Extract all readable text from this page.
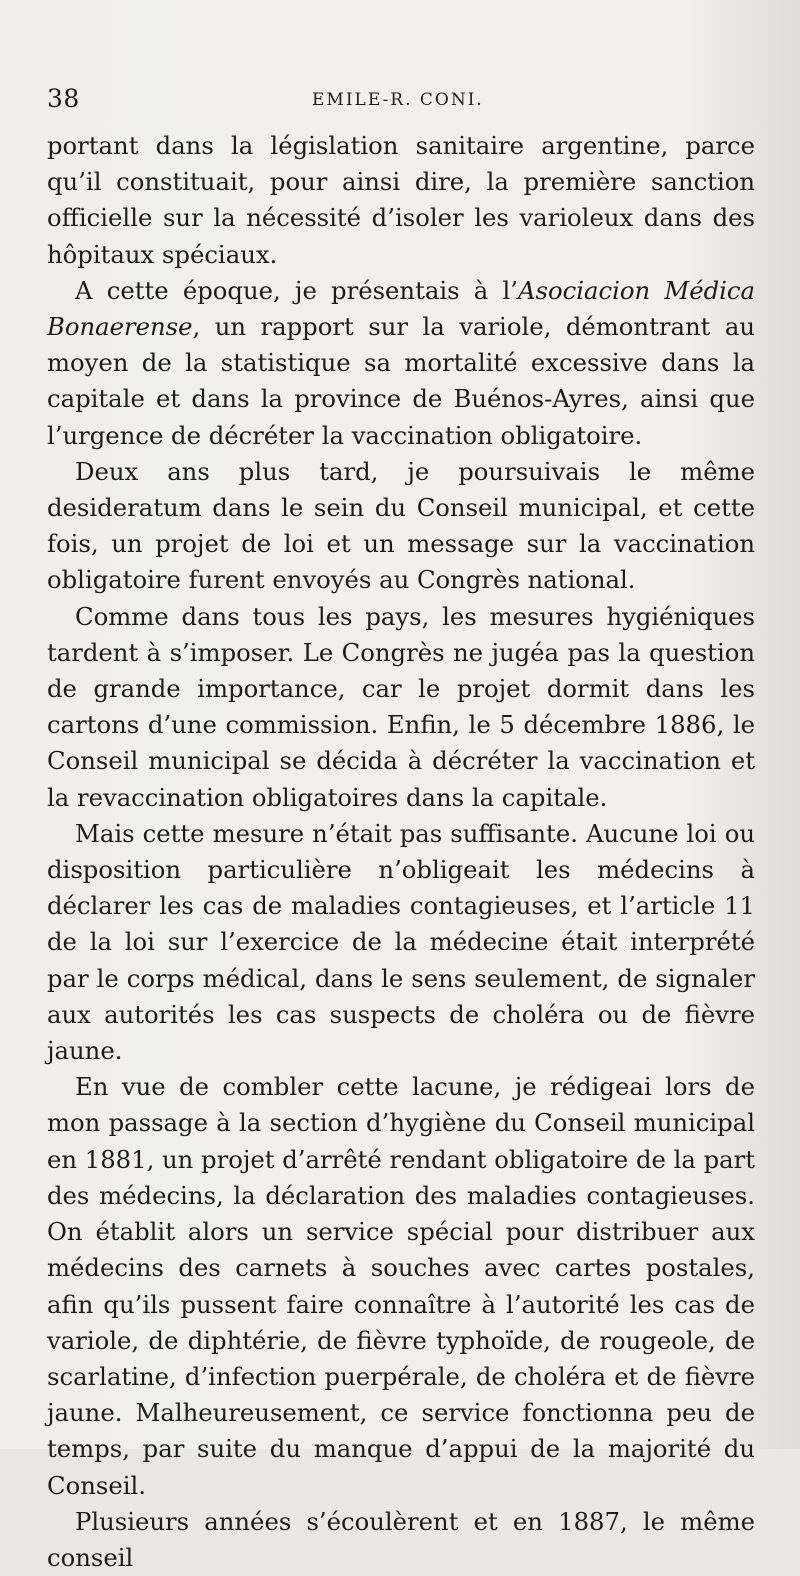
38	EMILE-R. CONI.

portant dans la législation sanitaire argentine, parce qu’il constituait, pour ainsi dire, la première sanction officielle sur la nécessité d’isoler les varioleux dans des hôpitaux spéciaux.

A cette époque, je présentais à l’Asociacion Médica Bonaerense, un rapport sur la variole, démontrant au moyen de la statistique sa mortalité excessive dans la capitale et dans la province de Buénos-Ayres, ainsi que l’urgence de décréter la vaccination obligatoire.

Deux ans plus tard, je poursuivais le même desideratum dans le sein du Conseil municipal, et cette fois, un projet de loi et un message sur la vaccination obligatoire furent envoyés au Congrès national.

Comme dans tous les pays, les mesures hygiéniques tardent à s’imposer. Le Congrès ne jugéa pas la question de grande importance, car le projet dormit dans les cartons d’une commission. Enfin, le 5 décembre 1886, le Conseil municipal se décida à décréter la vaccination et la revaccination obligatoires dans la capitale.

Mais cette mesure n’était pas suffisante. Aucune loi ou disposition particulière n’obligeait les médecins à déclarer les cas de maladies contagieuses, et l’article 11 de la loi sur l’exercice de la médecine était interprété par le corps médical, dans le sens seulement, de signaler aux autorités les cas suspects de choléra ou de fièvre jaune.

En vue de combler cette lacune, je rédigeai lors de mon passage à la section d’hygiène du Conseil municipal en 1881, un projet d’arrêté rendant obligatoire de la part des médecins, la déclaration des maladies contagieuses. On établit alors un service spécial pour distribuer aux médecins des carnets à souches avec cartes postales, afin qu’ils pussent faire connaître à l’autorité les cas de variole, de diphtérie, de fièvre typhoïde, de rougeole, de scarlatine, d’infection puerpérale, de choléra et de fièvre jaune. Malheureusement, ce service fonctionna peu de temps, par suite du manque d’appui de la majorité du Conseil.

Plusieurs années s’écoulèrent et en 1887, le même conseil
